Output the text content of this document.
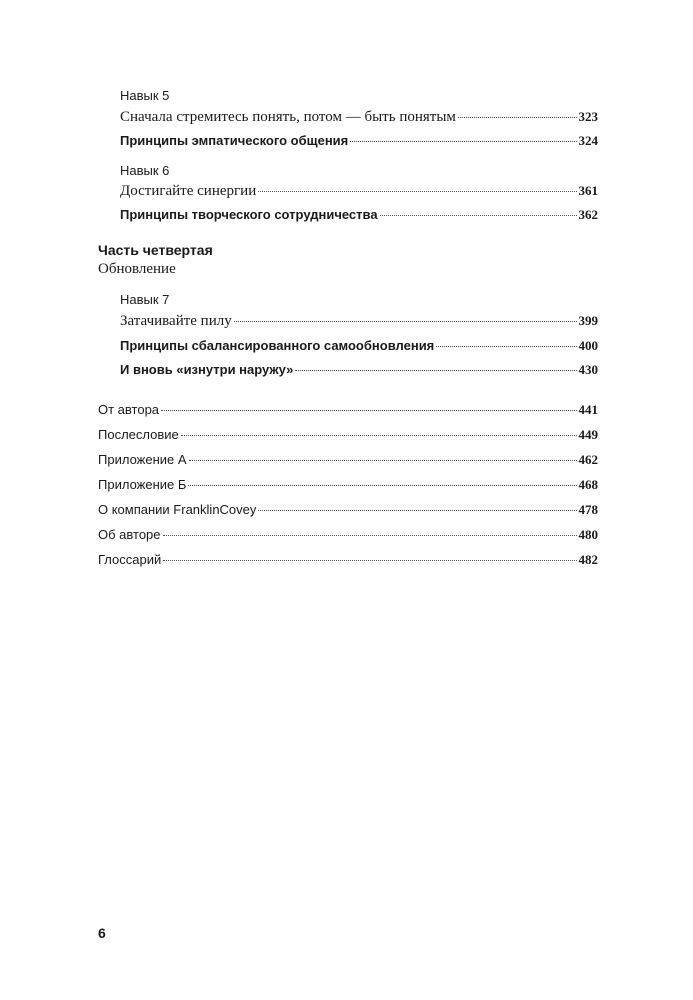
Навык 5
Сначала стремитесь понять, потом — быть понятым	323
Принципы эмпатического общения	324
Навык 6
Достигайте синергии	361
Принципы творческого сотрудничества	362
Часть четвертая
Обновление
Навык 7
Затачивайте пилу	399
Принципы сбалансированного самообновления	400
И вновь «изнутри наружу»	430
От автора	441
Послесловие	449
Приложение А	462
Приложение Б	468
О компании FranklinCovey	478
Об авторе	480
Глоссарий	482
6
